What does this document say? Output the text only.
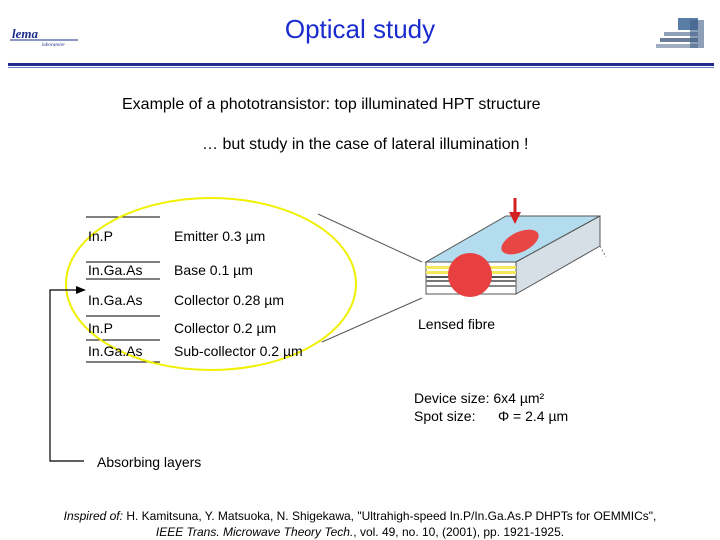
lema
laboratoire
Optical study
Example of a phototransistor: top illuminated HPT structure
… but study in the case of lateral illumination !
In.P	Emitter 0.3 µm
In.Ga.As Base 0.1 µm
In.Ga.As Collector 0.28 µm
In.P	Collector 0.2 µm
In.Ga.As Sub-collector 0.2 µm
Lensed fibre
Device size: 6x4 µm²
Spot size: Φ = 2.4 µm
Absorbing layers
Inspired of: H. Kamitsuna, Y. Matsuoka, N. Shigekawa, "Ultrahigh-speed In.P/In.Ga.As.P DHPTs for OEMMICs",
IEEE Trans. Microwave Theory Tech., vol. 49, no. 10, (2001), pp. 1921-1925.
